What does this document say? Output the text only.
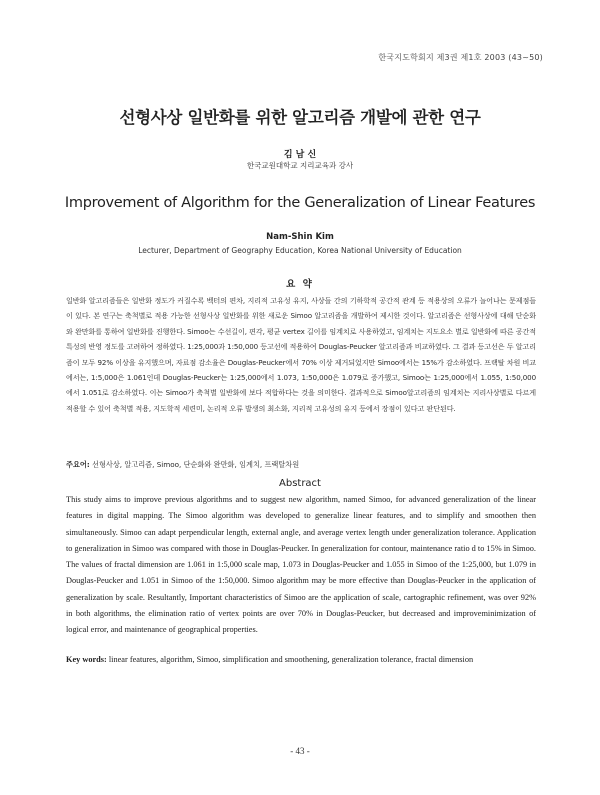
한국지도학회지 제3권 제1호 2003 (43~50)
선형사상 일반화를 위한 알고리즘 개발에 관한 연구
김 남 신
한국교원대학교 지리교육과 강사
Improvement of Algorithm for the Generalization of Linear Features
Nam-Shin Kim
Lecturer, Department of Geography Education, Korea National University of Education
요 약

일반화 알고리즘들은 일반화 정도가 커질수록 벡터의 편차, 지리적 고유성 유지, 사상들 간의 기하학적 공간적 관계 등 적용상의 오류가 늘어나는 문제점들이 있다. 본 연구는 축척별로 적용 가능한 선형사상 일반화를 위한 새로운 Simoo 알고리즘을 개발하여 제시한 것이다. 알고리즘은 선형사상에 대해 단순화와 완만화를 통하여 일반화를 진행한다. Simoo는 수선길이, 편각, 평균 vertex 길이를 임계치로 사용하였고, 임계치는 지도요소 별로 일반화에 따른 공간적 특성의 반영 정도를 고려하여 정하였다. 1:25,000과 1:50,000 등고선에 적용하여 Douglas-Peucker 알고리즘과 비교하였다. 그 결과 등고선은 두 알고리즘이 모두 92% 이상을 유지했으며, 자료점 감소율은 Douglas-Peucker에서 70% 이상 제거되었지만 Simoo에서는 15%가 감소하였다. 프랙탈 차원 비교에서는, 1:5,000은 1.061인데 Douglas-Peucker는 1:25,000에서 1.073, 1:50,000은 1.079로 증가했고, Simoo는 1:25,000에서 1.055, 1:50,000에서 1.051로 감소하였다. 이는 Simoo가 축척별 일반화에 보다 적합하다는 것을 의미한다. 결과적으로 Simoo알고리즘의 임계치는 지리사상별로 다르게 적용할 수 있어 축척별 적용, 지도학적 세련미, 논리적 오류 발생의 최소화, 지리적 고유성의 유지 등에서 장점이 있다고 판단된다.

주요어: 선형사상, 알고리즘, Simoo, 단순화와 완만화, 임계치, 프랙탈차원

Abstract

This study aims to improve previous algorithms and to suggest new algorithm, named Simoo, for advanced generalization of the linear features in digital mapping. The Simoo algorithm was developed to generalize linear features, and to simplify and smoothen then simultaneously. Simoo can adapt perpendicular length, external angle, and average vertex length under generalization tolerance. Application to generalization in Simoo was compared with those in Douglas-Peucker. In generalization for contour, maintenance ratio d to 15% in Simoo. The values of fractal dimension are 1.061 in 1:5,000 scale map, 1.073 in Douglas-Peucker and 1.055 in Simoo of the 1:25,000, but 1.079 in Douglas-Peucker and 1.051 in Simoo of the 1:50,000. Simoo algorithm may be more effective than Douglas-Peucker in the application of generalization by scale. Resultantly, Important characteristics of Simoo are the application of scale, cartographic refinement, was over 92% in both algorithms, the elimination ratio of vertex points are over 70% in Douglas-Peucker, but decreased and improveminimization of logical error, and maintenance of geographical properties.

Key words: linear features, algorithm, Simoo, simplification and smoothening, generalization tolerance, fractal dimension

- 43 -
